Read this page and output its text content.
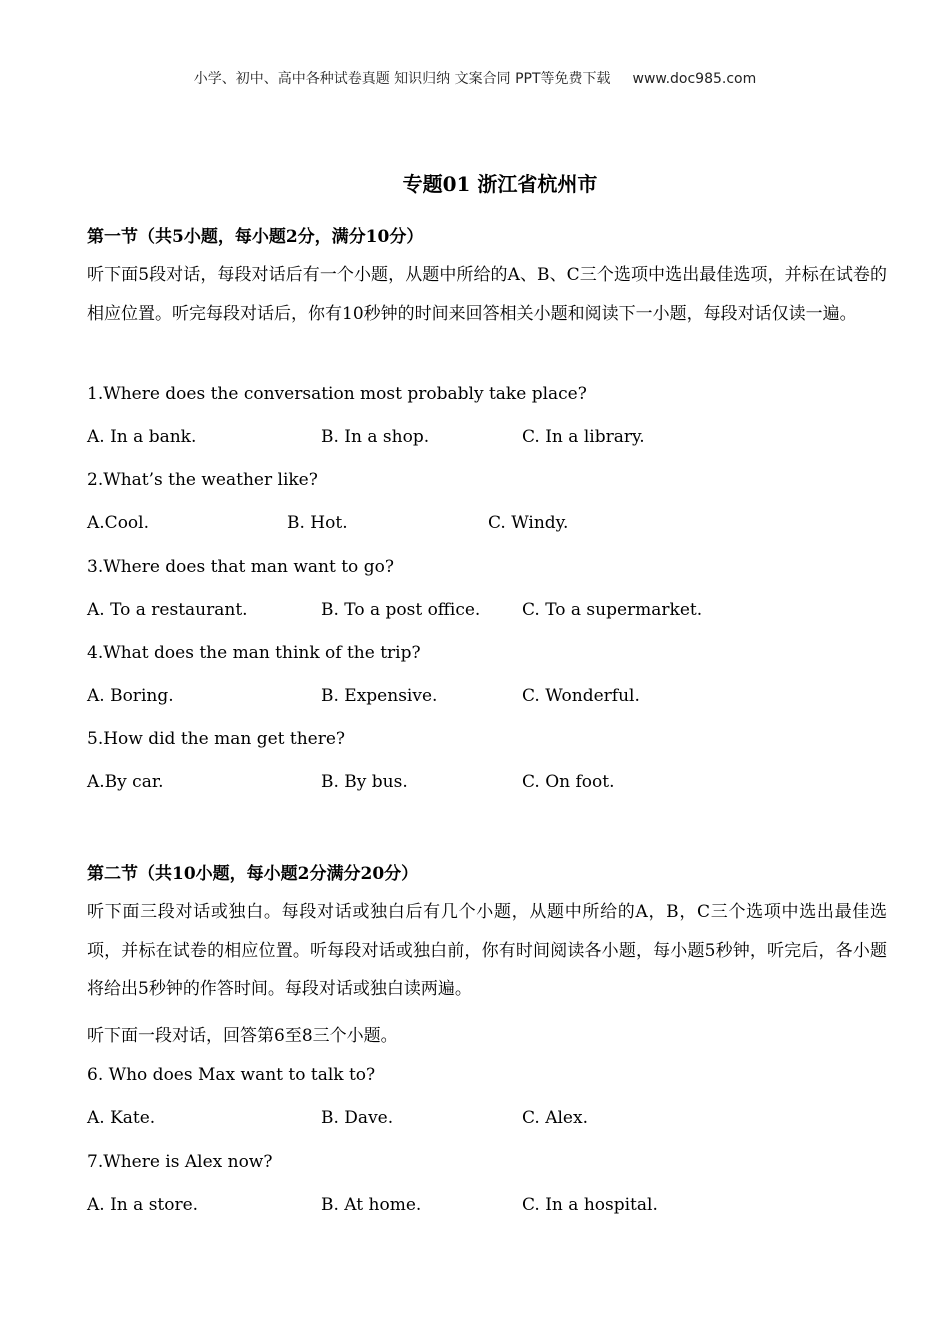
小学、初中、高中各种试卷真题 知识归纳 文案合同 PPT等免费下载 www.doc985.com
专题01 浙江省杭州市
第一节（共5小题，每小题2分，满分10分）
听下面5段对话，每段对话后有一个小题，从题中所给的A、B、C三个选项中选出最佳选项，并标在试卷的相应位置。听完每段对话后，你有10秒钟的时间来回答相关小题和阅读下一小题，每段对话仅读一遍。
1.Where does the conversation most probably take place?
A. In a bank.	B. In a shop.	C. In a library.
2.What’s the weather like?
A.Cool.	B. Hot.	C. Windy.
3.Where does that man want to go?
A. To a restaurant.	B. To a post office. C. To a supermarket.
4.What does the man think of the trip?
A. Boring.	B. Expensive.	C. Wonderful.
5.How did the man get there?
A.By car.	B. By bus.	C. On foot.
第二节（共10小题，每小题2分满分20分）
听下面三段对话或独白。每段对话或独白后有几个小题，从题中所给的A，B，C三个选项中选出最佳选项，并标在试卷的相应位置。听每段对话或独白前，你有时间阅读各小题，每小题5秒钟，听完后，各小题将给出5秒钟的作答时间。每段对话或独白读两遍。
听下面一段对话，回答第6至8三个小题。
6. Who does Max want to talk to?
A. Kate.	B. Dave.	C. Alex.
7.Where is Alex now?
A. In a store.	B. At home.	C. In a hospital.
